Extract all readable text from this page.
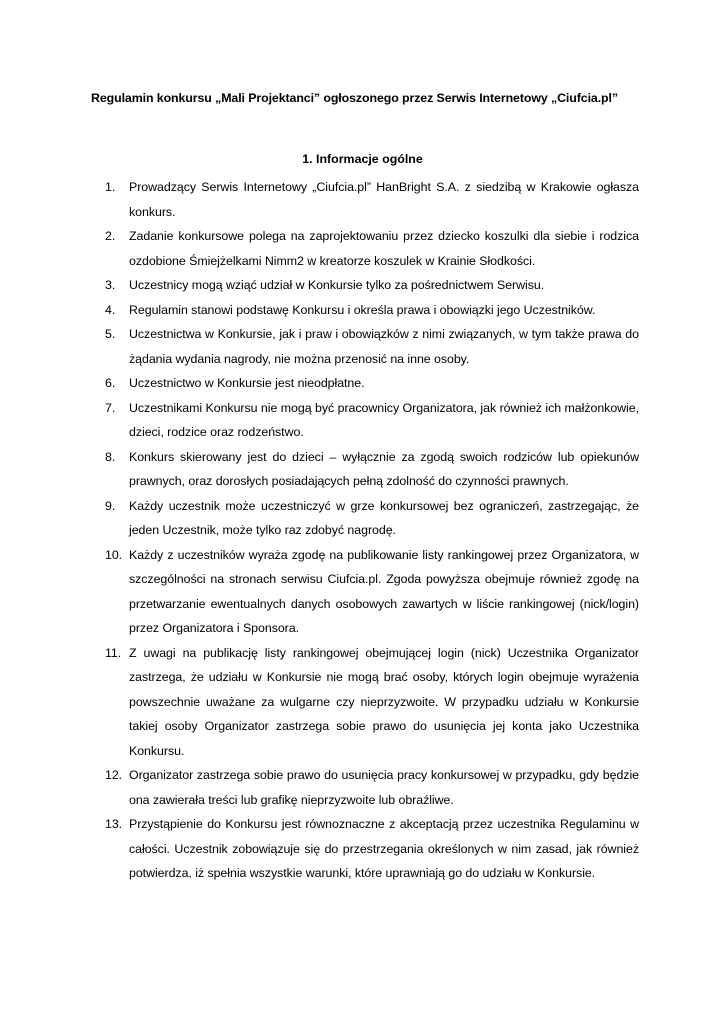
Regulamin konkursu „Mali Projektanci” ogłoszonego przez Serwis Internetowy „Ciufcia.pl”
1. Informacje ogólne
1.	Prowadzący Serwis Internetowy „Ciufcia.pl” HanBright S.A. z siedzibą w Krakowie ogłasza konkurs.
2.	Zadanie konkursowe polega na zaprojektowaniu przez dziecko koszulki dla siebie i rodzica ozdobione Śmiejżelkami Nimm2 w kreatorze koszulek w Krainie Słodkości.
3.	Uczestnicy mogą wziąć udział w Konkursie tylko za pośrednictwem Serwisu.
4.	Regulamin stanowi podstawę Konkursu i określa prawa i obowiązki jego Uczestników.
5.	Uczestnictwa w Konkursie, jak i praw i obowiązków z nimi związanych, w tym także prawa do żądania wydania nagrody, nie można przenosić na inne osoby.
6.	Uczestnictwo w Konkursie jest nieodpłatne.
7.	Uczestnikami Konkursu nie mogą być pracownicy Organizatora, jak również ich małżonkowie, dzieci, rodzice oraz rodzeństwo.
8.	Konkurs skierowany jest do dzieci – wyłącznie za zgodą swoich rodziców lub opiekunów prawnych, oraz dorosłych posiadających pełną zdolność do czynności prawnych.
9.	Każdy uczestnik może uczestniczyć w grze konkursowej bez ograniczeń, zastrzegając, że jeden Uczestnik, może tylko raz zdobyć nagrodę.
10. Każdy z uczestników wyraża zgodę na publikowanie listy rankingowej przez Organizatora, w szczególności na stronach serwisu Ciufcia.pl. Zgoda powyższa obejmuje również zgodę na przetwarzanie ewentualnych danych osobowych zawartych w liście rankingowej (nick/login) przez Organizatora i Sponsora.
11. Z uwagi na publikację listy rankingowej obejmującej login (nick) Uczestnika Organizator zastrzega, że udziału w Konkursie nie mogą brać osoby, których login obejmuje wyrażenia powszechnie uważane za wulgarne czy nieprzyzwoite. W przypadku udziału w Konkursie takiej osoby Organizator zastrzega sobie prawo do usunięcia jej konta jako Uczestnika Konkursu.
12. Organizator zastrzega sobie prawo do usunięcia pracy konkursowej w przypadku, gdy będzie ona zawierała treści lub grafikę nieprzyzwoite lub obraźliwe.
13. Przystąpienie do Konkursu jest równoznaczne z akceptacją przez uczestnika Regulaminu w całości. Uczestnik zobowiązuje się do przestrzegania określonych w nim zasad, jak również potwierdza, iż spełnia wszystkie warunki, które uprawniają go do udziału w Konkursie.
